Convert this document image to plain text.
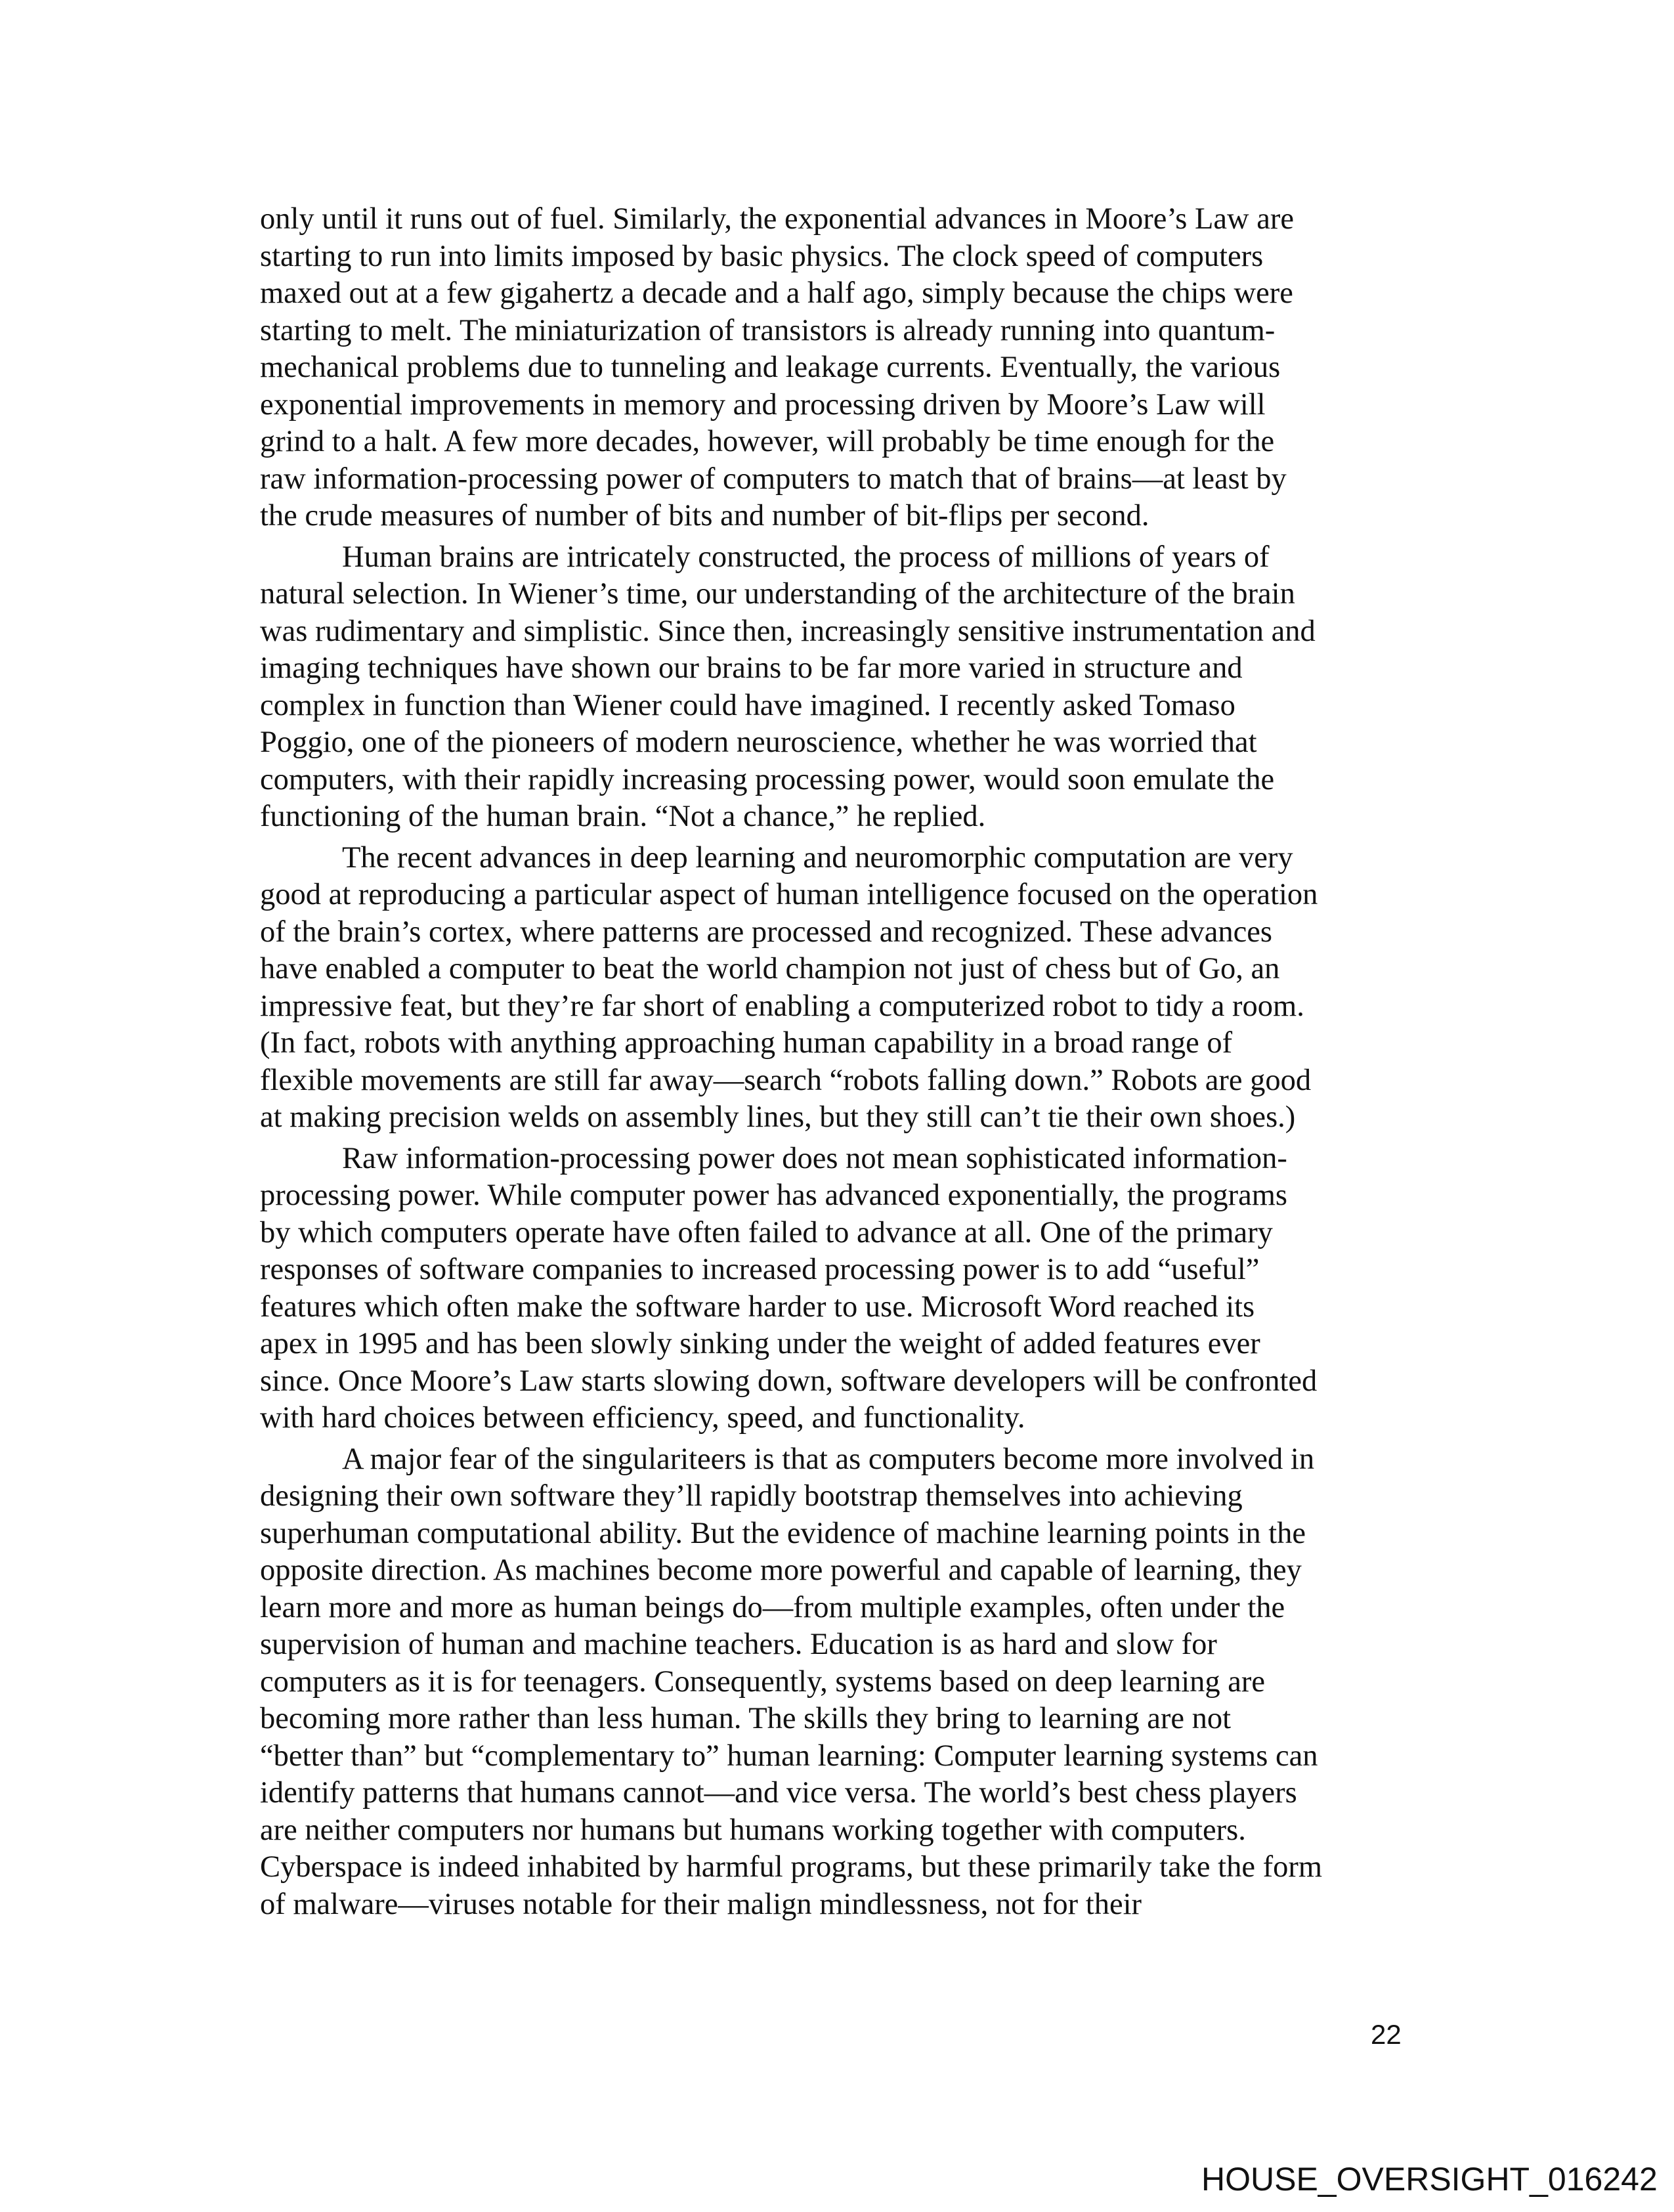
only until it runs out of fuel. Similarly, the exponential advances in Moore’s Law are
starting to run into limits imposed by basic physics. The clock speed of computers
maxed out at a few gigahertz a decade and a half ago, simply because the chips were
starting to melt. The miniaturization of transistors is already running into quantum-
mechanical problems due to tunneling and leakage currents. Eventually, the various
exponential improvements in memory and processing driven by Moore’s Law will
grind to a halt. A few more decades, however, will probably be time enough for the
raw information-processing power of computers to match that of brains—at least by
the crude measures of number of bits and number of bit-flips per second.

Human brains are intricately constructed, the process of millions of years of
natural selection. In Wiener’s time, our understanding of the architecture of the brain
was rudimentary and simplistic. Since then, increasingly sensitive instrumentation and
imaging techniques have shown our brains to be far more varied in structure and
complex in function than Wiener could have imagined. I recently asked Tomaso
Poggio, one of the pioneers of modern neuroscience, whether he was worried that
computers, with their rapidly increasing processing power, would soon emulate the
functioning of the human brain. “Not a chance,” he replied.

The recent advances in deep learning and neuromorphic computation are very
good at reproducing a particular aspect of human intelligence focused on the operation
of the brain’s cortex, where patterns are processed and recognized. These advances
have enabled a computer to beat the world champion not just of chess but of Go, an
impressive feat, but they’re far short of enabling a computerized robot to tidy a room.
(In fact, robots with anything approaching human capability in a broad range of
flexible movements are still far away—search “robots falling down.” Robots are good
at making precision welds on assembly lines, but they still can’t tie their own shoes.)

Raw information-processing power does not mean sophisticated information-
processing power. While computer power has advanced exponentially, the programs
by which computers operate have often failed to advance at all. One of the primary
responses of software companies to increased processing power is to add “useful”
features which often make the software harder to use. Microsoft Word reached its
apex in 1995 and has been slowly sinking under the weight of added features ever
since. Once Moore’s Law starts slowing down, software developers will be confronted
with hard choices between efficiency, speed, and functionality.

A major fear of the singulariteers is that as computers become more involved in
designing their own software they’ll rapidly bootstrap themselves into achieving
superhuman computational ability. But the evidence of machine learning points in the
opposite direction. As machines become more powerful and capable of learning, they
learn more and more as human beings do—from multiple examples, often under the
supervision of human and machine teachers. Education is as hard and slow for
computers as it is for teenagers. Consequently, systems based on deep learning are
becoming more rather than less human. The skills they bring to learning are not
“better than” but “complementary to” human learning: Computer learning systems can
identify patterns that humans cannot—and vice versa. The world’s best chess players
are neither computers nor humans but humans working together with computers.
Cyberspace is indeed inhabited by harmful programs, but these primarily take the form
of malware—viruses notable for their malign mindlessness, not for their

22
HOUSE_OVERSIGHT_016242
